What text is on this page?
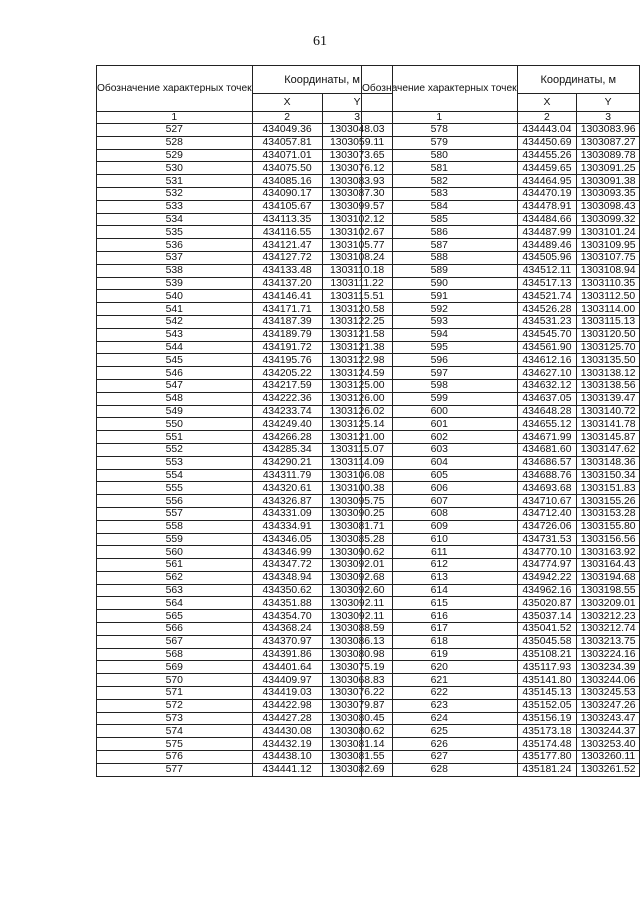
61
Обозначение характерных точек	Координаты, м	
	X	Y
1	2	3
527	434049.36	1303048.03
528	434057.81	1303059.11
529	434071.01	1303073.65
530	434075.50	1303076.12
531	434085.16	1303083.93
532	434090.17	1303087.30
533	434105.67	1303099.57
534	434113.35	1303102.12
535	434116.55	1303102.67
536	434121.47	1303105.77
537	434127.72	1303108.24
538	434133.48	1303110.18
539	434137.20	1303111.22
540	434146.41	1303115.51
541	434171.71	1303120.58
542	434187.39	1303122.25
543	434189.79	1303121.58
544	434191.72	1303121.38
545	434195.76	1303122.98
546	434205.22	1303124.59
547	434217.59	1303125.00
548	434222.36	1303126.00
549	434233.74	1303126.02
550	434249.40	1303125.14
551	434266.28	1303121.00
552	434285.34	1303115.07
553	434290.21	1303114.09
554	434311.79	1303106.08
555	434320.61	1303100.38
556	434326.87	1303095.75
557	434331.09	1303090.25
558	434334.91	1303081.71
559	434346.05	1303085.28
560	434346.99	1303090.62
561	434347.72	1303092.01
562	434348.94	1303092.68
563	434350.62	1303092.60
564	434351.88	1303092.11
565	434354.70	1303092.11
566	434368.24	1303088.59
567	434370.97	1303086.13
568	434391.86	1303080.98
569	434401.64	1303075.19
570	434409.97	1303068.83
571	434419.03	1303076.22
572	434422.98	1303079.87
573	434427.28	1303080.45
574	434430.08	1303080.62
575	434432.19	1303081.14
576	434438.10	1303081.55
577	434441.12	1303082.69
Обозначение характерных точек	Координаты, м	
	X	Y
1	2	3
578	434443.04	1303083.96
579	434450.69	1303087.27
580	434455.26	1303089.78
581	434459.65	1303091.25
582	434464.95	1303091.38
583	434470.19	1303093.35
584	434478.91	1303098.43
585	434484.66	1303099.32
586	434487.99	1303101.24
587	434489.46	1303109.95
588	434505.96	1303107.75
589	434512.11	1303108.94
590	434517.13	1303110.35
591	434521.74	1303112.50
592	434526.28	1303114.00
593	434531.23	1303115.13
594	434545.70	1303120.50
595	434561.90	1303125.70
596	434612.16	1303135.50
597	434627.10	1303138.12
598	434632.12	1303138.56
599	434637.05	1303139.47
600	434648.28	1303140.72
601	434655.12	1303141.78
602	434671.99	1303145.87
603	434681.60	1303147.62
604	434686.57	1303148.36
605	434688.76	1303150.34
606	434693.68	1303151.83
607	434710.67	1303155.26
608	434712.40	1303153.28
609	434726.06	1303155.80
610	434731.53	1303156.56
611	434770.10	1303163.92
612	434774.97	1303164.43
613	434942.22	1303194.68
614	434962.16	1303198.55
615	435020.87	1303209.01
616	435037.14	1303212.23
617	435041.52	1303212.74
618	435045.58	1303213.75
619	435108.21	1303224.16
620	435117.93	1303234.39
621	435141.80	1303244.06
622	435145.13	1303245.53
623	435152.05	1303247.26
624	435156.19	1303243.47
625	435173.18	1303244.37
626	435174.48	1303253.40
627	435177.80	1303260.11
628	435181.24	1303261.52
